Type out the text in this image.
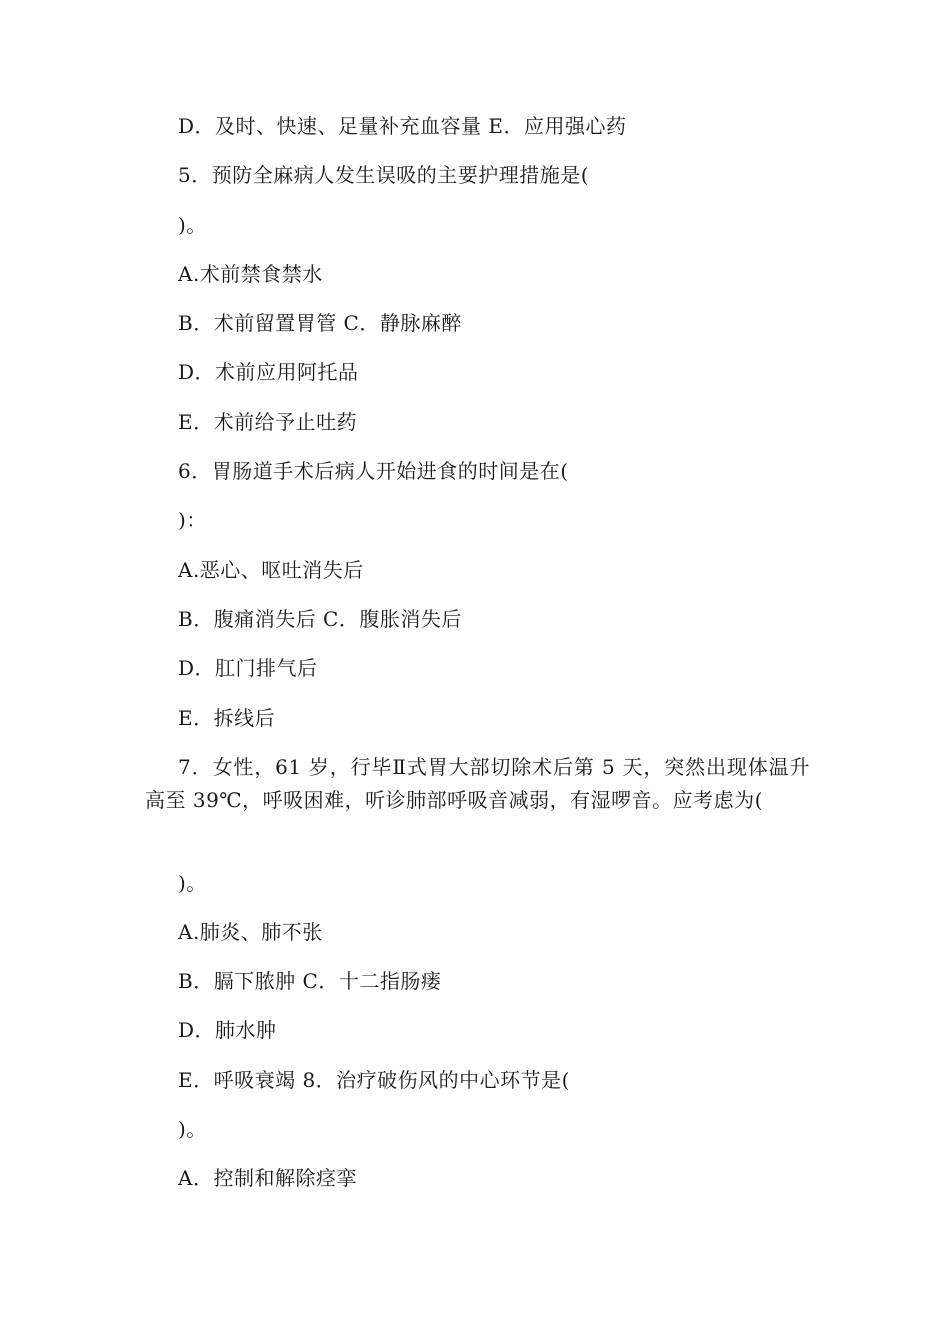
D．及时、快速、足量补充血容量 E．应用强心药
5．预防全麻病人发生误吸的主要护理措施是(
)。
A.术前禁食禁水
B．术前留置胃管 C．静脉麻醉
D．术前应用阿托品
E．术前给予止吐药
6．胃肠道手术后病人开始进食的时间是在(
)：
A.恶心、呕吐消失后
B．腹痛消失后 C．腹胀消失后
D．肛门排气后
E．拆线后
7．女性，61 岁，行毕Ⅱ式胃大部切除术后第 5 天，突然出现体温升高至 39℃，呼吸困难，听诊肺部呼吸音减弱，有湿啰音。应考虑为(
)。
A.肺炎、肺不张
B．膈下脓肿 C．十二指肠瘘
D．肺水肿
E．呼吸衰竭 8．治疗破伤风的中心环节是(
)。
A．控制和解除痉挛
